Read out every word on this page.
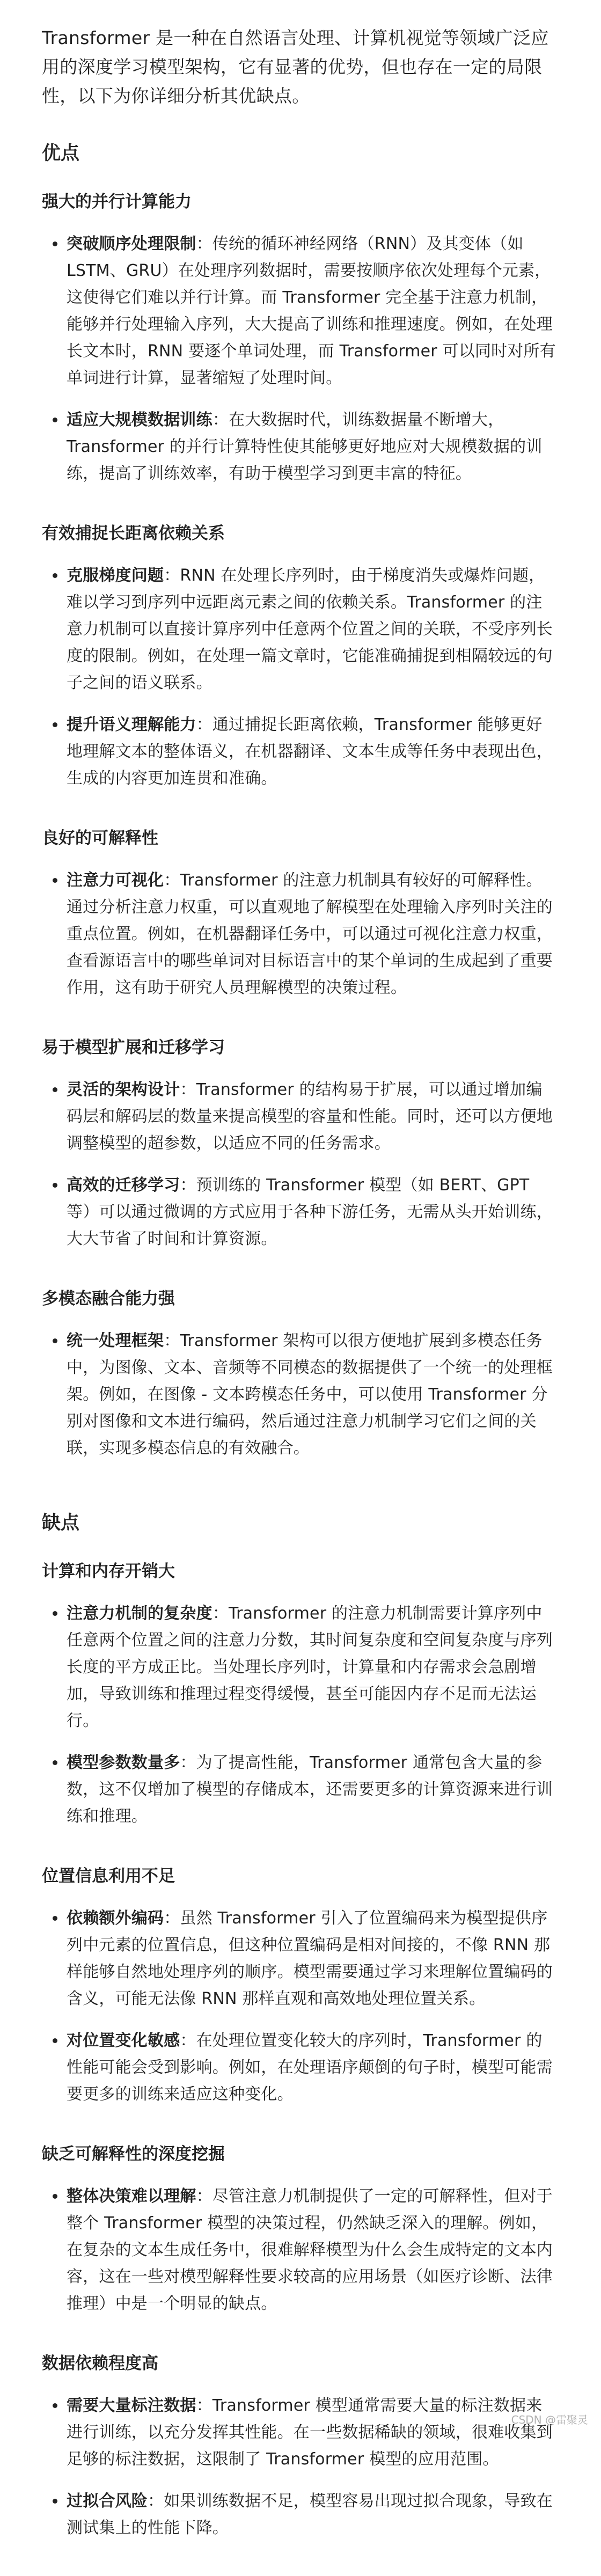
Transformer 是一种在自然语言处理、计算机视觉等领域广泛应用的深度学习模型架构，它有显著的优势，但也存在一定的局限性，以下为你详细分析其优缺点。

优点
强大的并行计算能力
突破顺序处理限制：传统的循环神经网络（RNN）及其变体（如 LSTM、GRU）在处理序列数据时，需要按顺序依次处理每个元素，这使得它们难以并行计算。而 Transformer 完全基于注意力机制，能够并行处理输入序列，大大提高了训练和推理速度。例如，在处理长文本时，RNN 要逐个单词处理，而 Transformer 可以同时对所有单词进行计算，显著缩短了处理时间。
适应大规模数据训练：在大数据时代，训练数据量不断增大，Transformer 的并行计算特性使其能够更好地应对大规模数据的训练，提高了训练效率，有助于模型学习到更丰富的特征。
有效捕捉长距离依赖关系
克服梯度问题：RNN 在处理长序列时，由于梯度消失或爆炸问题，难以学习到序列中远距离元素之间的依赖关系。Transformer 的注意力机制可以直接计算序列中任意两个位置之间的关联，不受序列长度的限制。例如，在处理一篇文章时，它能准确捕捉到相隔较远的句子之间的语义联系。
提升语义理解能力：通过捕捉长距离依赖，Transformer 能够更好地理解文本的整体语义，在机器翻译、文本生成等任务中表现出色，生成的内容更加连贯和准确。
良好的可解释性
注意力可视化：Transformer 的注意力机制具有较好的可解释性。通过分析注意力权重，可以直观地了解模型在处理输入序列时关注的重点位置。例如，在机器翻译任务中，可以通过可视化注意力权重，查看源语言中的哪些单词对目标语言中的某个单词的生成起到了重要作用，这有助于研究人员理解模型的决策过程。
易于模型扩展和迁移学习
灵活的架构设计：Transformer 的结构易于扩展，可以通过增加编码层和解码层的数量来提高模型的容量和性能。同时，还可以方便地调整模型的超参数，以适应不同的任务需求。
高效的迁移学习：预训练的 Transformer 模型（如 BERT、GPT 等）可以通过微调的方式应用于各种下游任务，无需从头开始训练，大大节省了时间和计算资源。
多模态融合能力强
统一处理框架：Transformer 架构可以很方便地扩展到多模态任务中，为图像、文本、音频等不同模态的数据提供了一个统一的处理框架。例如，在图像 - 文本跨模态任务中，可以使用 Transformer 分别对图像和文本进行编码，然后通过注意力机制学习它们之间的关联，实现多模态信息的有效融合。
缺点
计算和内存开销大
注意力机制的复杂度：Transformer 的注意力机制需要计算序列中任意两个位置之间的注意力分数，其时间复杂度和空间复杂度与序列长度的平方成正比。当处理长序列时，计算量和内存需求会急剧增加，导致训练和推理过程变得缓慢，甚至可能因内存不足而无法运行。
模型参数数量多：为了提高性能，Transformer 通常包含大量的参数，这不仅增加了模型的存储成本，还需要更多的计算资源来进行训练和推理。
位置信息利用不足
依赖额外编码：虽然 Transformer 引入了位置编码来为模型提供序列中元素的位置信息，但这种位置编码是相对间接的，不像 RNN 那样能够自然地处理序列的顺序。模型需要通过学习来理解位置编码的含义，可能无法像 RNN 那样直观和高效地处理位置关系。
对位置变化敏感：在处理位置变化较大的序列时，Transformer 的性能可能会受到影响。例如，在处理语序颠倒的句子时，模型可能需要更多的训练来适应这种变化。
缺乏可解释性的深度挖掘
整体决策难以理解：尽管注意力机制提供了一定的可解释性，但对于整个 Transformer 模型的决策过程，仍然缺乏深入的理解。例如，在复杂的文本生成任务中，很难解释模型为什么会生成特定的文本内容，这在一些对模型解释性要求较高的应用场景（如医疗诊断、法律推理）中是一个明显的缺点。
数据依赖程度高
需要大量标注数据：Transformer 模型通常需要大量的标注数据来进行训练，以充分发挥其性能。在一些数据稀缺的领域，很难收集到足够的标注数据，这限制了 Transformer 模型的应用范围。
过拟合风险：如果训练数据不足，模型容易出现过拟合现象，导致在测试集上的性能下降。
CSDN @雷聚灵
